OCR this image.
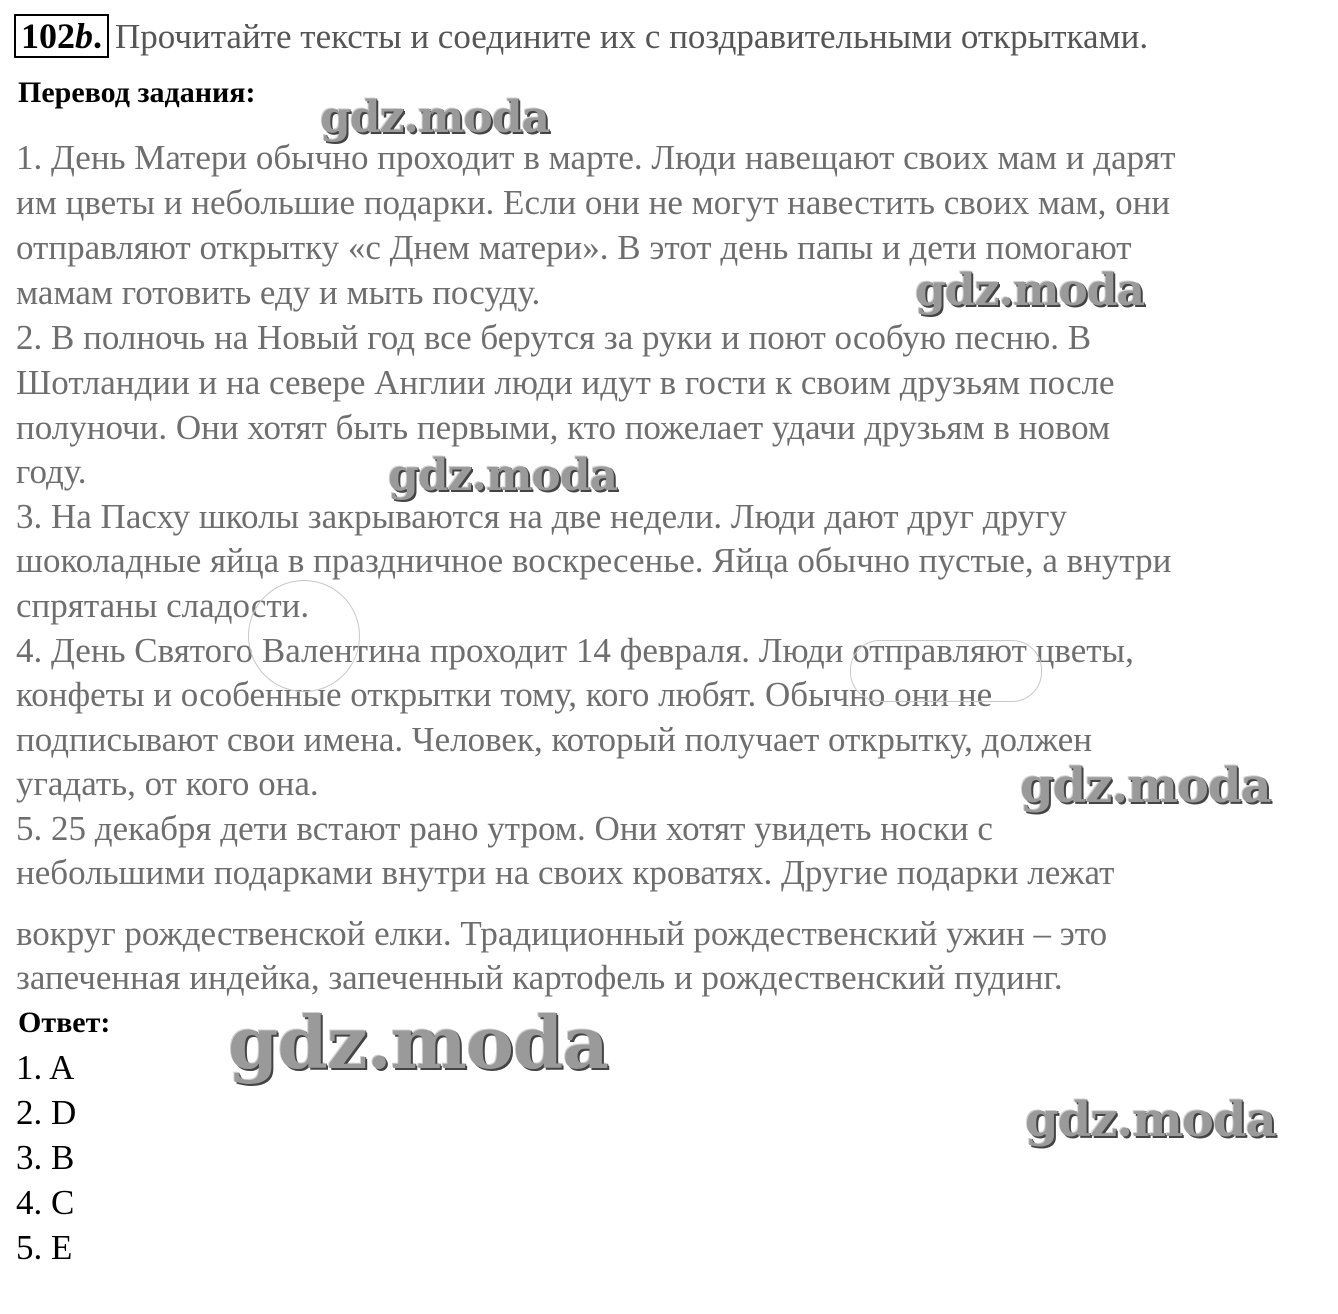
102b. Прочитайте тексты и соедините их с поздравительными открытками.
Перевод задания:
1. День Матери обычно проходит в марте. Люди навещают своих мам и дарят
им цветы и небольшие подарки. Если они не могут навестить своих мам, они
отправляют открытку «с Днем матери». В этот день папы и дети помогают
мамам готовить еду и мыть посуду.
2. В полночь на Новый год все берутся за руки и поют особую песню. В
Шотландии и на севере Англии люди идут в гости к своим друзьям после
полуночи. Они хотят быть первыми, кто пожелает удачи друзьям в новом
году.
3. На Пасху школы закрываются на две недели. Люди дают друг другу
шоколадные яйца в праздничное воскресенье. Яйца обычно пустые, а внутри
спрятаны сладости.
4. День Святого Валентина проходит 14 февраля. Люди отправляют цветы,
конфеты и особенные открытки тому, кого любят. Обычно они не
подписывают свои имена. Человек, который получает открытку, должен
угадать, от кого она.
5. 25 декабря дети встают рано утром. Они хотят увидеть носки с
небольшими подарками внутри на своих кроватях. Другие подарки лежат
вокруг рождественской елки. Традиционный рождественский ужин – это
запеченная индейка, запеченный картофель и рождественский пудинг.
Ответ:
1. A
2. D
3. B
4. C
5. E
gdz.moda
gdz.moda
gdz.moda
gdz.moda
gdz.moda
gdz.moda
